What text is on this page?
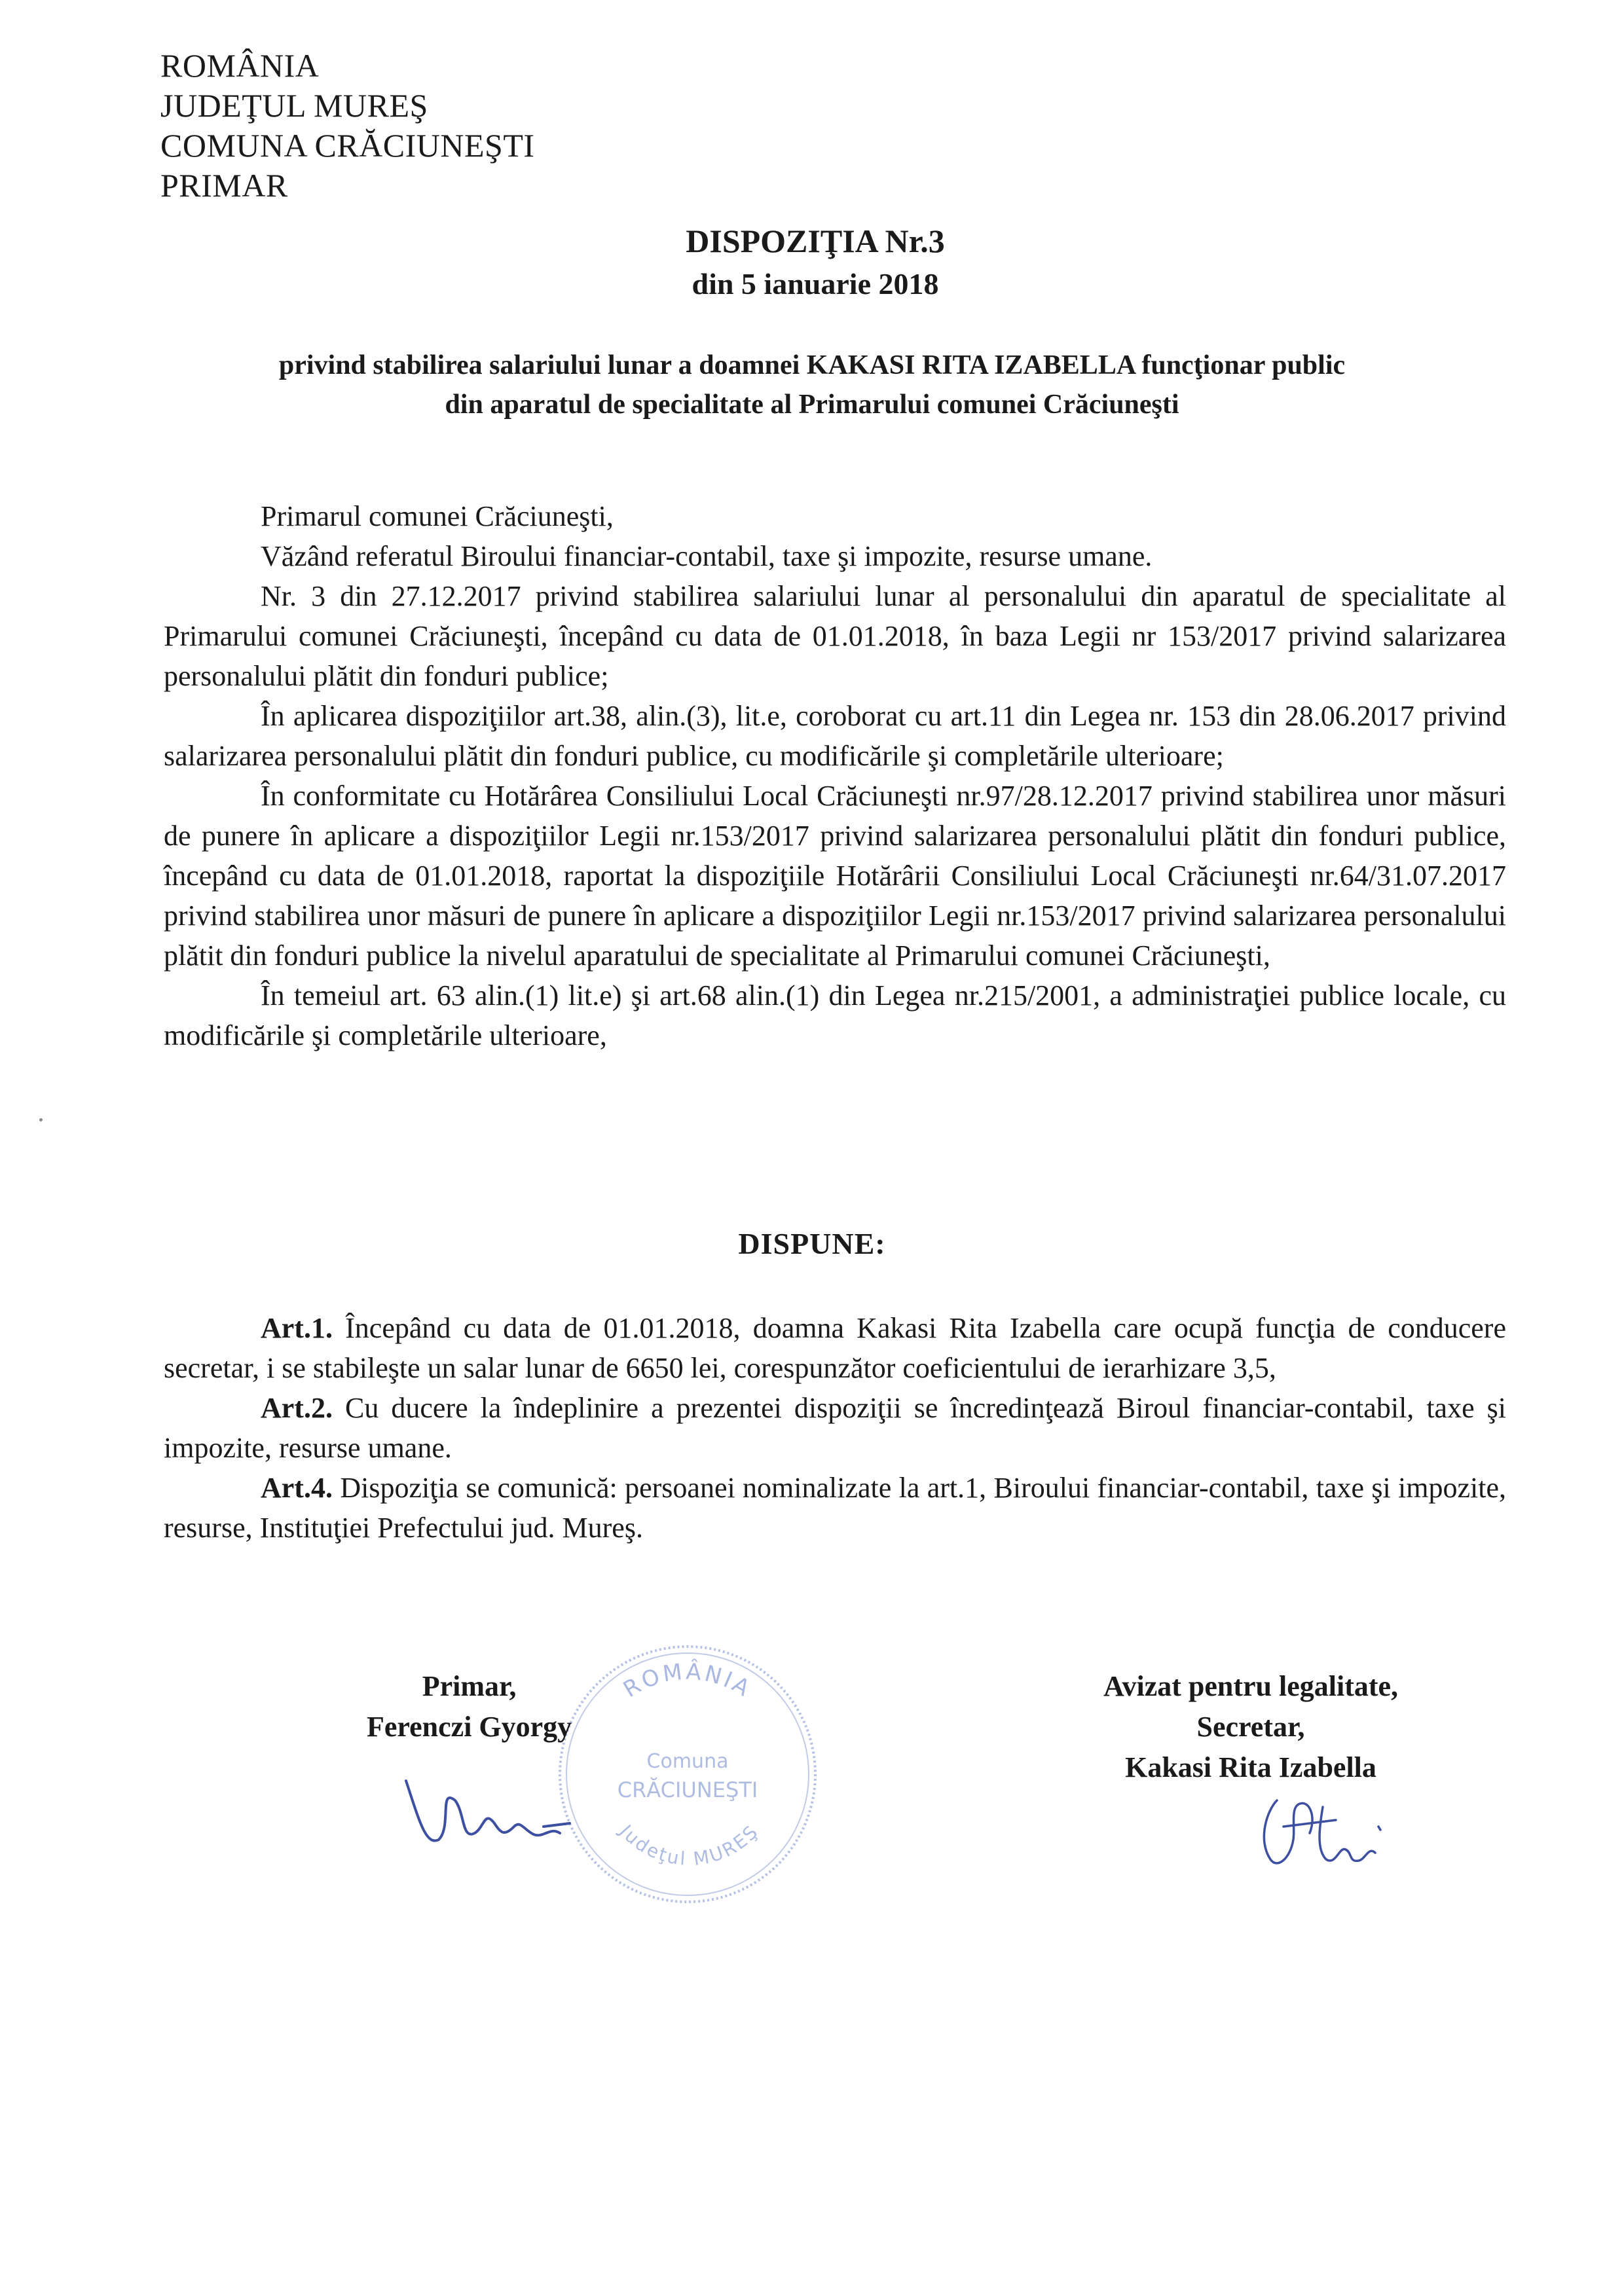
ROMÂNIA
JUDEŢUL MUREŞ
COMUNA CRĂCIUNEŞTI
PRIMAR
DISPOZIŢIA Nr.3
din 5 ianuarie 2018
privind stabilirea salariului lunar a doamnei KAKASI RITA IZABELLA funcţionar public
din aparatul de specialitate al Primarului comunei Crăciuneşti

Primarul comunei Crăciuneşti,

Văzând referatul Biroului financiar-contabil, taxe şi impozite, resurse umane.

Nr. 3 din 27.12.2017 privind stabilirea salariului lunar al personalului din aparatul de specialitate al Primarului comunei Crăciuneşti, începând cu data de 01.01.2018, în baza Legii nr 153/2017 privind salarizarea personalului plătit din fonduri publice;

În aplicarea dispoziţiilor art.38, alin.(3), lit.e, coroborat cu art.11 din Legea nr. 153 din 28.06.2017 privind salarizarea personalului plătit din fonduri publice, cu modificările şi completările ulterioare;

În conformitate cu Hotărârea Consiliului Local Crăciuneşti nr.97/28.12.2017 privind stabilirea unor măsuri de punere în aplicare a dispoziţiilor Legii nr.153/2017 privind salarizarea personalului plătit din fonduri publice, începând cu data de 01.01.2018, raportat la dispoziţiile Hotărârii Consiliului Local Crăciuneşti nr.64/31.07.2017 privind stabilirea unor măsuri de punere în aplicare a dispoziţiilor Legii nr.153/2017 privind salarizarea personalului plătit din fonduri publice la nivelul aparatului de specialitate al Primarului comunei Crăciuneşti,

În temeiul art. 63 alin.(1) lit.e) şi art.68 alin.(1) din Legea nr.215/2001, a administraţiei publice locale, cu modificările şi completările ulterioare,

DISPUNE:

Art.1. Începând cu data de 01.01.2018, doamna Kakasi Rita Izabella care ocupă funcţia de conducere secretar, i se stabileşte un salar lunar de 6650 lei, corespunzător coeficientului de ierarhizare 3,5,

Art.2. Cu ducere la îndeplinire a prezentei dispoziţii se încredinţează Biroul financiar-contabil, taxe şi impozite, resurse umane.

Art.4. Dispoziţia se comunică: persoanei nominalizate la art.1, Biroului financiar-contabil, taxe şi impozite, resurse, Instituţiei Prefectului jud. Mureş.

ROMÂNIA
Comuna
CRĂCIUNEŞTI
Judeţul MUREŞ
Primar,
Ferenczi Gyorgy
Avizat pentru legalitate,
Secretar,
Kakasi Rita Izabella
